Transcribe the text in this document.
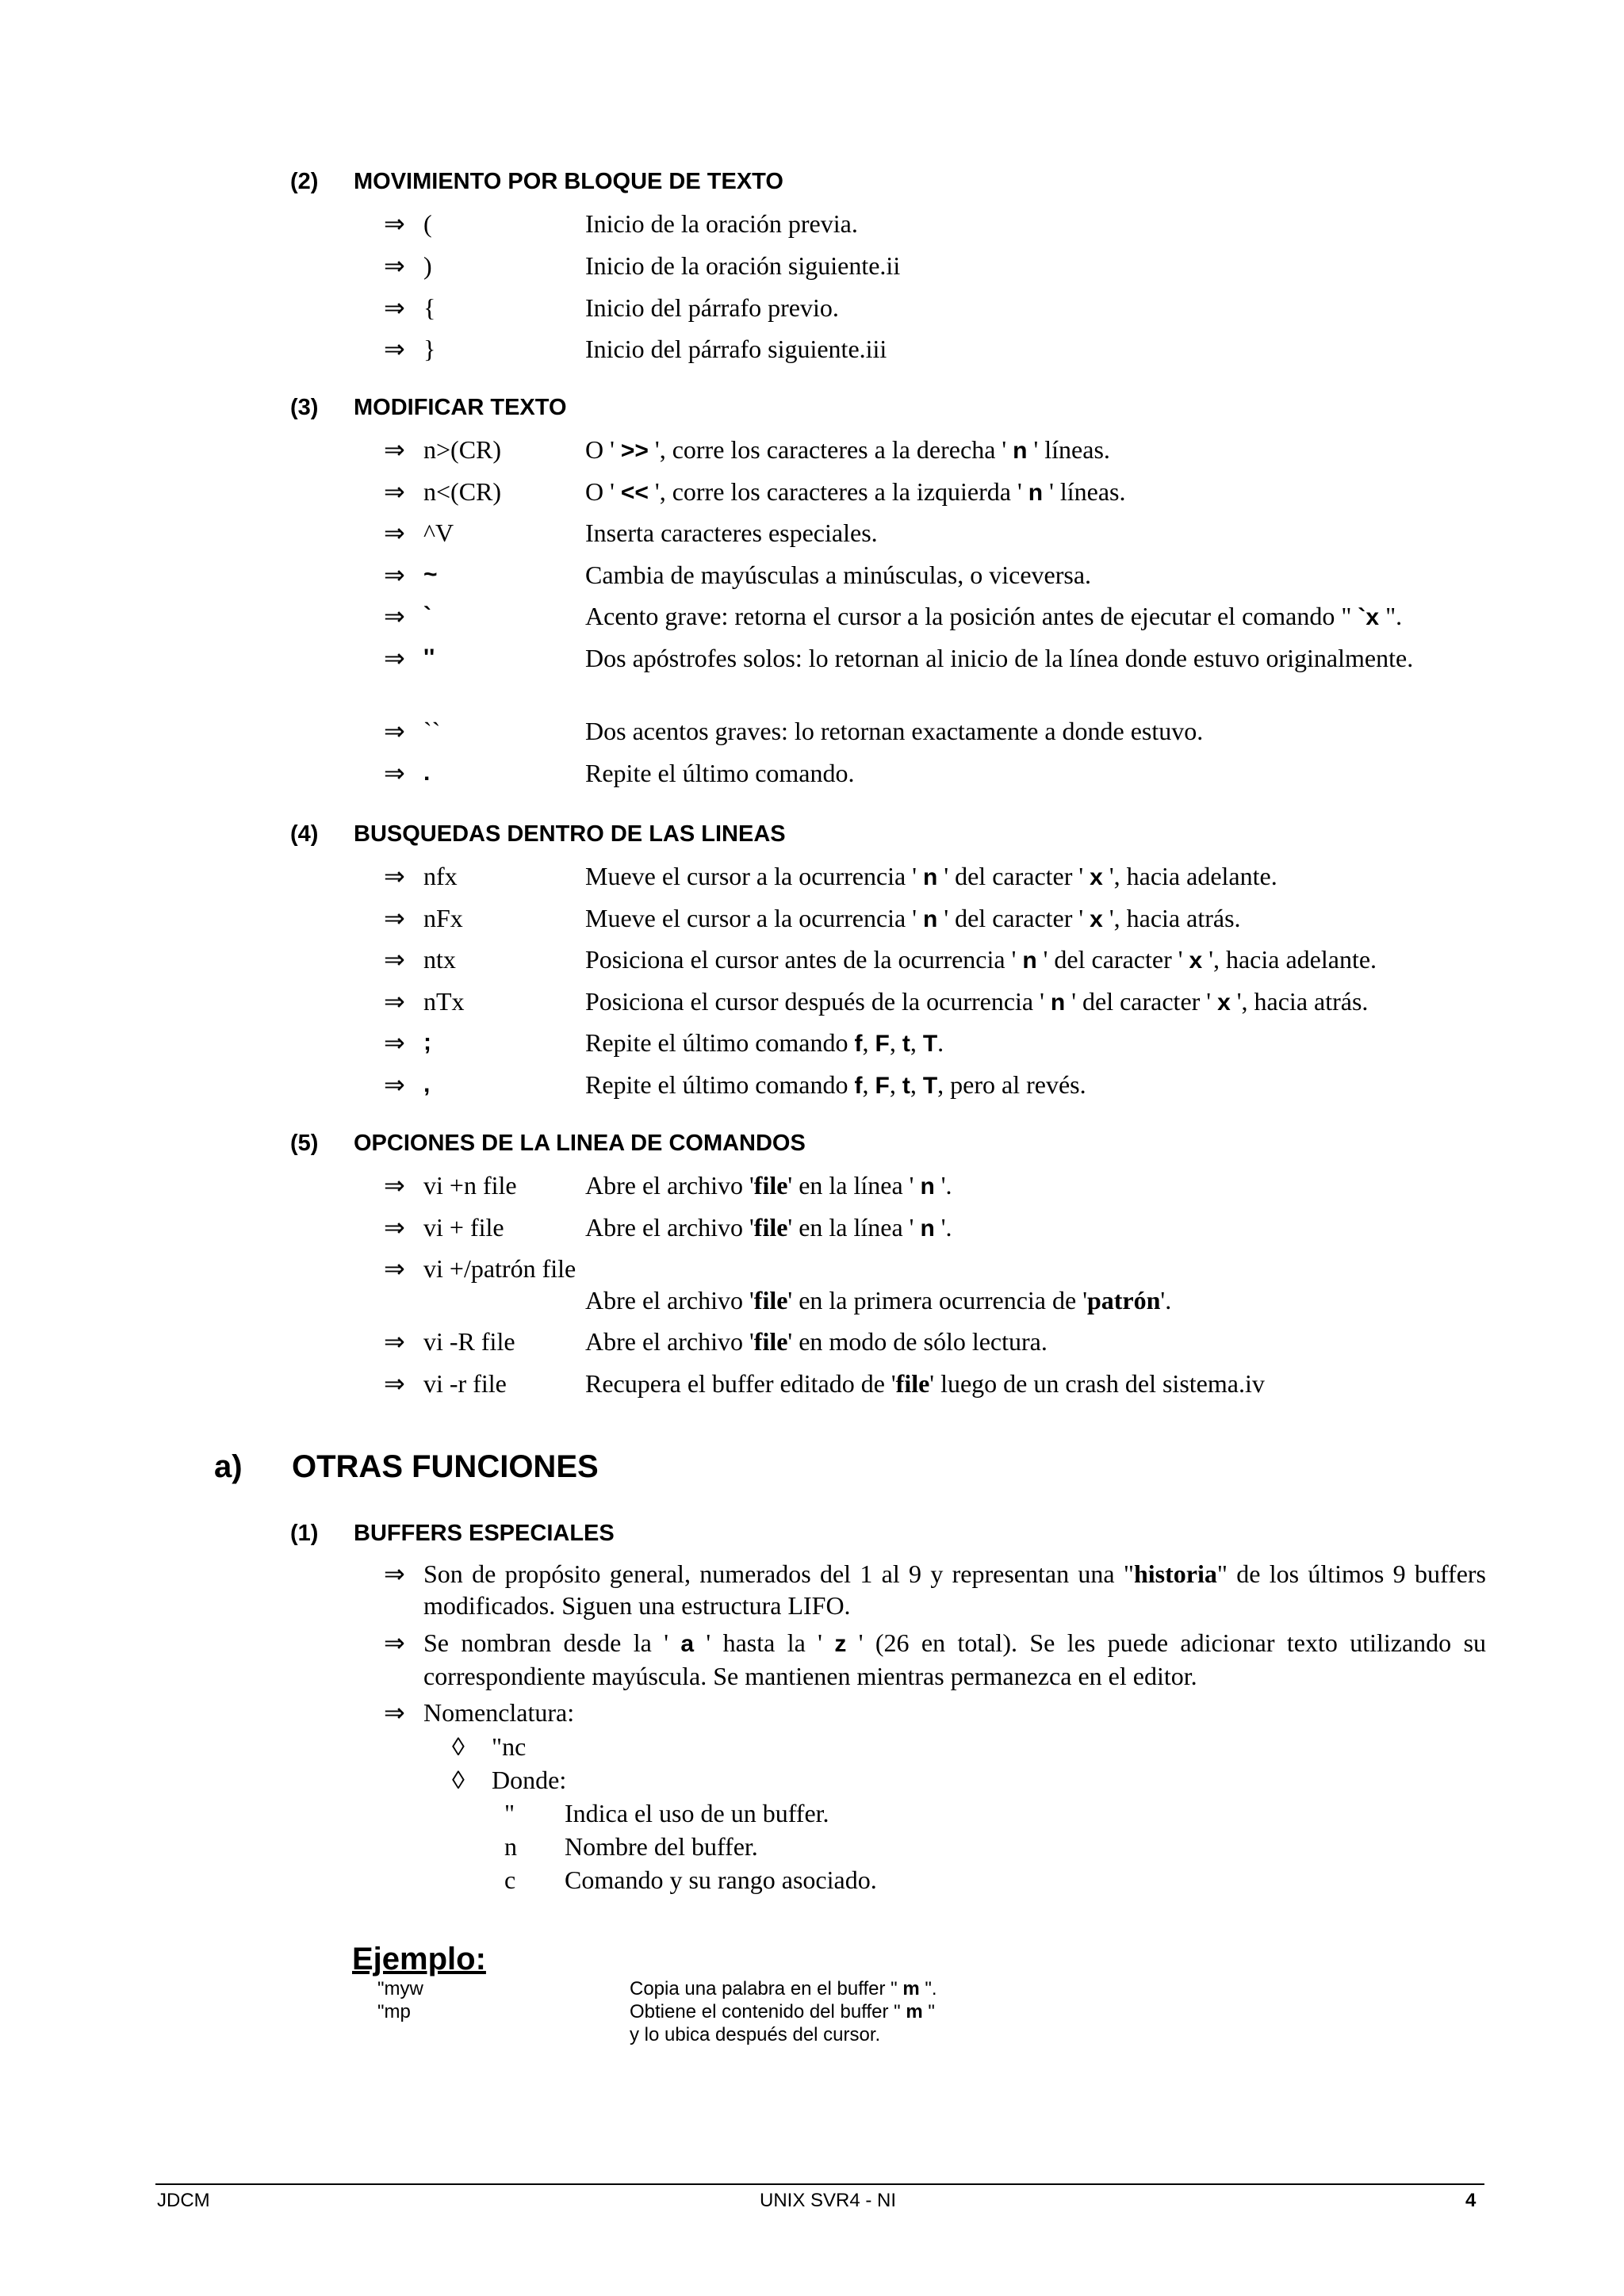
(2) MOVIMIENTO POR BLOQUE DE TEXTO
⇒ (	Inicio de la oración previa.
⇒ )	Inicio de la oración siguiente.ii
⇒ {	Inicio del párrafo previo.
⇒ }	Inicio del párrafo siguiente.iii
(3) MODIFICAR TEXTO
⇒ n>(CR)	O ' >> ', corre los caracteres a la derecha ' n ' líneas.
⇒ n<(CR)	O ' << ', corre los caracteres a la izquierda ' n ' líneas.
⇒ ^V	Inserta caracteres especiales.
⇒ ~	Cambia de mayúsculas a minúsculas, o viceversa.
⇒ `	Acento grave: retorna el cursor a la posición antes de ejecutar el comando " `x ".
⇒ ''	Dos apóstrofes solos: lo retornan al inicio de la línea donde estuvo originalmente.
⇒ ``	Dos acentos graves: lo retornan exactamente a donde estuvo.
⇒ .	Repite el último comando.
(4) BUSQUEDAS DENTRO DE LAS LINEAS
⇒ nfx	Mueve el cursor a la ocurrencia ' n ' del caracter ' x ', hacia adelante.
⇒ nFx	Mueve el cursor a la ocurrencia ' n ' del caracter ' x ', hacia atrás.
⇒ ntx	Posiciona el cursor antes de la ocurrencia ' n ' del caracter ' x ', hacia adelante.
⇒ nTx	Posiciona el cursor después de la ocurrencia ' n ' del caracter ' x ', hacia atrás.
⇒ ;	Repite el último comando f, F, t, T.
⇒ ,	Repite el último comando f, F, t, T, pero al revés.
(5) OPCIONES DE LA LINEA DE COMANDOS
⇒ vi +n file	Abre el archivo 'file' en la línea ' n '.
⇒ vi + file	Abre el archivo 'file' en la línea ' n '.
⇒ vi +/patrón file
Abre el archivo 'file' en la primera ocurrencia de 'patrón'.
⇒ vi -R file	Abre el archivo 'file' en modo de sólo lectura.
⇒ vi -r file	Recupera el buffer editado de 'file' luego de un crash del sistema.iv
a) OTRAS FUNCIONES
(1) BUFFERS ESPECIALES
⇒ Son de propósito general, numerados del 1 al 9 y representan una "historia" de los últimos 9 buffers modificados. Siguen una estructura LIFO.
⇒ Se nombran desde la ' a ' hasta la ' z ' (26 en total). Se les puede adicionar texto utilizando su correspondiente mayúscula. Se mantienen mientras permanezca en el editor.
⇒ Nomenclatura:
◊ "nc
◊ Donde:
" Indica el uso de un buffer.
n Nombre del buffer.
c Comando y su rango asociado.
Ejemplo:
"myw	Copia una palabra en el buffer " m ".
"mp	Obtiene el contenido del buffer " m "
y lo ubica después del cursor.
JDCM	UNIX SVR4 - NI	4
